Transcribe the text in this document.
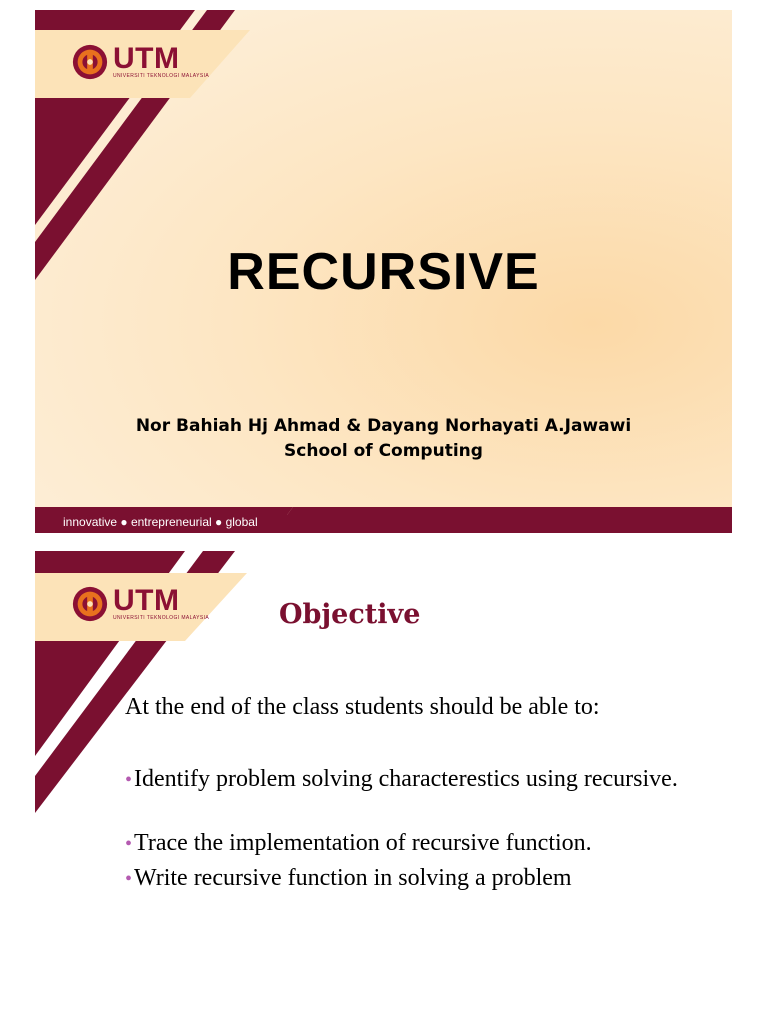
UTM
UNIVERSITI TEKNOLOGI MALAYSIA
RECURSIVE
Nor Bahiah Hj Ahmad & Dayang Norhayati A.Jawawi
School of Computing
innovative ● entrepreneurial ● global
UTM
UNIVERSITI TEKNOLOGI MALAYSIA	Objective
At the end of the class students should be able to:
•Identify problem solving characterestics using recursive.
•Trace the implementation of recursive function.
•Write recursive function in solving a problem
